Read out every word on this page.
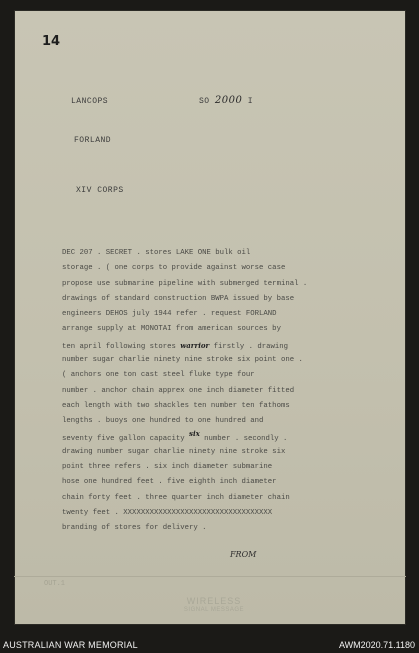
14
LANCOPS	SO 2000 I
FORLAND
XIV CORPS
DEC 207 . SECRET . stores LAKE ONE bulk oil
storage . ( one corps to provide against worse case
propose use submarine pipeline with submerged terminal .
drawings of standard construction BWPA issued by base
engineers DEHOS july 1944 refer . request FORLAND
arrange supply at MONOTAI from american sources by
ten april following stores warrior firstly . drawing
number sugar charlie ninety nine stroke six point one .
( anchors one ton cast steel fluke type four
number . anchor chain apprex one inch diameter fitted
each length with two shackles ten number ten fathoms
lengths . buoys one hundred to one hundred and
seventy five gallon capacity six number . secondly .
drawing number sugar charlie ninety nine stroke six
point three refers . six inch diameter submarine
hose one hundred feet . five eighth inch diameter
chain forty feet . three quarter inch diameter chain
twenty feet . XXXXXXXXXXXXXXXXXXXXXXXXXXXXXXXXXX
branding of stores for delivery .
FROM
OUT.1
WIRELESS
SIGNAL MESSAGE
AUSTRALIAN WAR MEMORIAL	AWM2020.71.1180
